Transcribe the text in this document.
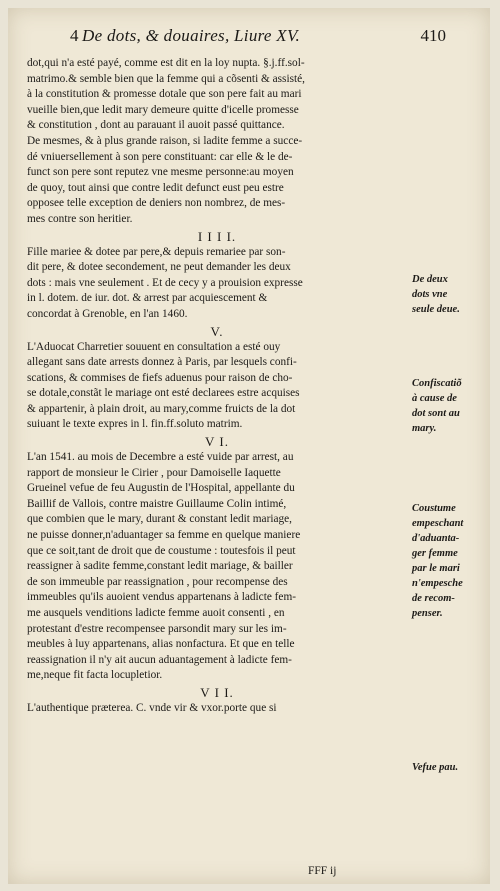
4 De dots, & douaires, Liure XV.	410
dot,qui n'a esté payé, comme est dit en la loy nupta. §.j.ff.sol-
matrimo.& semble bien que la femme qui a cõsenti & assisté,
à la constitution & promesse dotale que son pere fait au mari
vueille bien,que ledit mary demeure quitte d'icelle promesse
& constitution , dont au parauant il auoit passé quittance.
De mesmes, & à plus grande raison, si ladite femme a succe-
dé vniuersellement à son pere constituant: car elle & le de-
funct son pere sont reputez vne mesme personne:au moyen
de quoy, tout ainsi que contre ledit defunct eust peu estre
opposee telle exception de deniers non nombrez, de mes-
mes contre son heritier.
I I I I.
Fille mariee & dotee par pere,& depuis remariee par son-
dit pere, & dotee secondement, ne peut demander les deux
dots : mais vne seulement . Et de cecy y a prouision expresse
in l. dotem. de iur. dot. & arrest par acquiescement &
concordat à Grenoble, en l'an 1460.
V.
L'Aduocat Charretier souuent en consultation a esté ouy
allegant sans date arrests donnez à Paris, par lesquels confi-
scations, & commises de fiefs aduenus pour raison de cho-
se dotale,constãt le mariage ont esté declarees estre acquises
& appartenir, à plain droit, au mary,comme fruicts de la dot
suiuant le texte expres in l. fin.ff.soluto matrim.
V I.
L'an 1541. au mois de Decembre a esté vuide par arrest, au
rapport de monsieur le Cirier , pour Damoiselle Iaquette
Grueinel vefue de feu Augustin de l'Hospital, appellante du
Baillif de Vallois, contre maistre Guillaume Colin intimé,
que combien que le mary, durant & constant ledit mariage,
ne puisse donner,n'aduantager sa femme en quelque maniere
que ce soit,tant de droit que de coustume : toutesfois il peut
reassigner à sadite femme,constant ledit mariage, & bailler
de son immeuble par reassignation , pour recompense des
immeubles qu'ils auoient vendus appartenans à ladicte fem-
me ausquels venditions ladicte femme auoit consenti , en
protestant d'estre recompensee parsondit mary sur les im-
meubles à luy appartenans, alias nonfactura. Et que en telle
reassignation il n'y ait aucun aduantagement à ladicte fem-
me,neque fit facta locupletior.
V I I.
L'authentique præterea. C. vnde vir & vxor.porte que si
De deux
dots vne
seule deue.
Confiscatiõ
à cause de
dot sont au
mary.
Coustume
empeschant
d'aduanta-
ger femme
par le mari
n'empesche
de recom-
penser.
Vefue pau.
FFF ij
